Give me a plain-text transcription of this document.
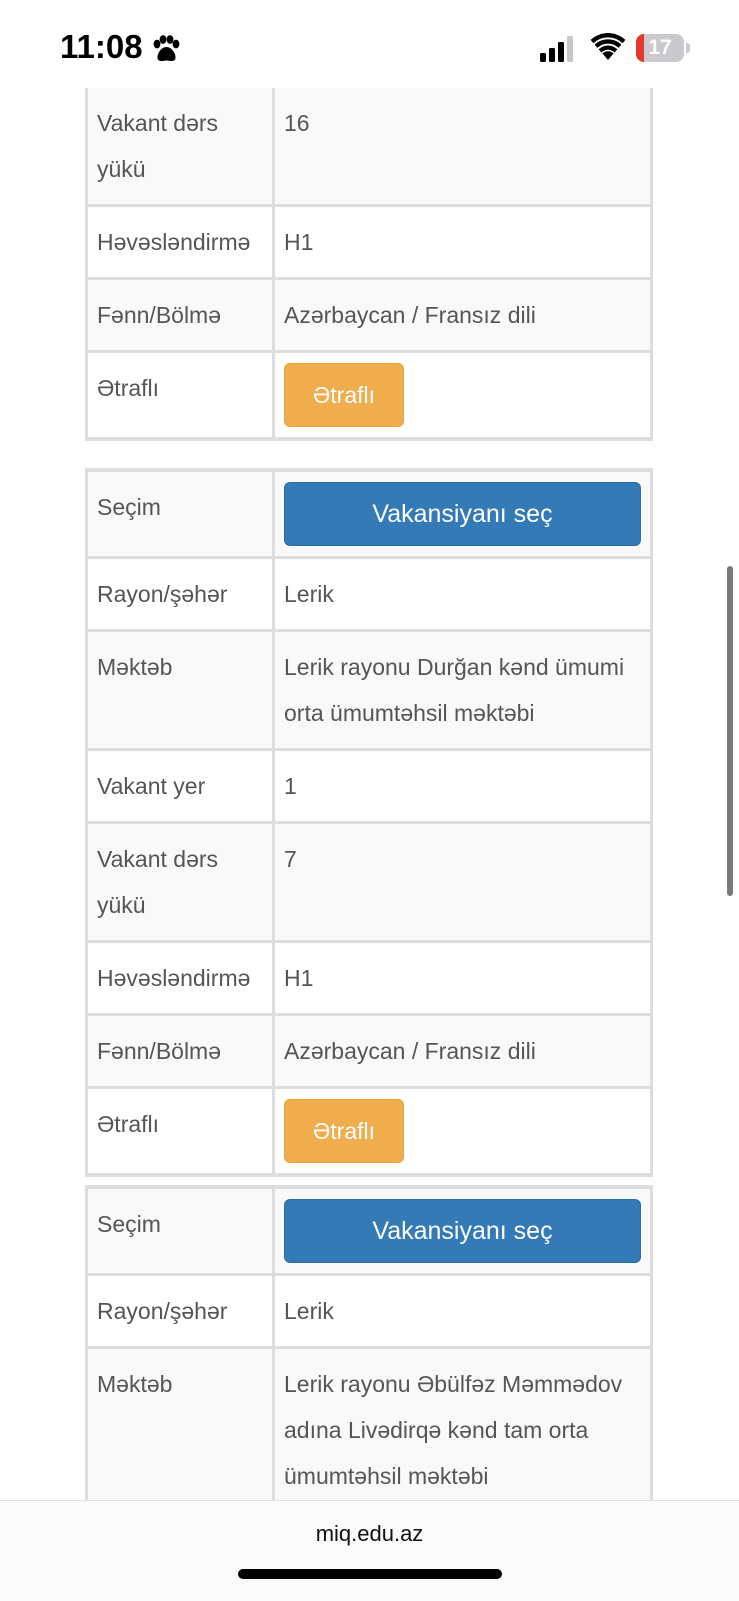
11:08	17
Vakant dərs yükü	16
Həvəsləndirmə	H1
Fənn/Bölmə	Azərbaycan / Fransız dili
Ətraflı	Ətraflı
Seçim	Vakansiyanı seç

Rayon/şəhər	Lerik
Məktəb	Lerik rayonu Durğan kənd ümumi orta ümumtəhsil məktəbi
Vakant yer	1
Vakant dərs yükü	7
Həvəsləndirmə	H1
Fənn/Bölmə	Azərbaycan / Fransız dili
Ətraflı	Ətraflı
Seçim	Vakansiyanı seç

Rayon/şəhər	Lerik
Məktəb	Lerik rayonu Əbülfəz Məmmədov adına Livədirqə kənd tam orta ümumtəhsil məktəbi
miq.edu.az
